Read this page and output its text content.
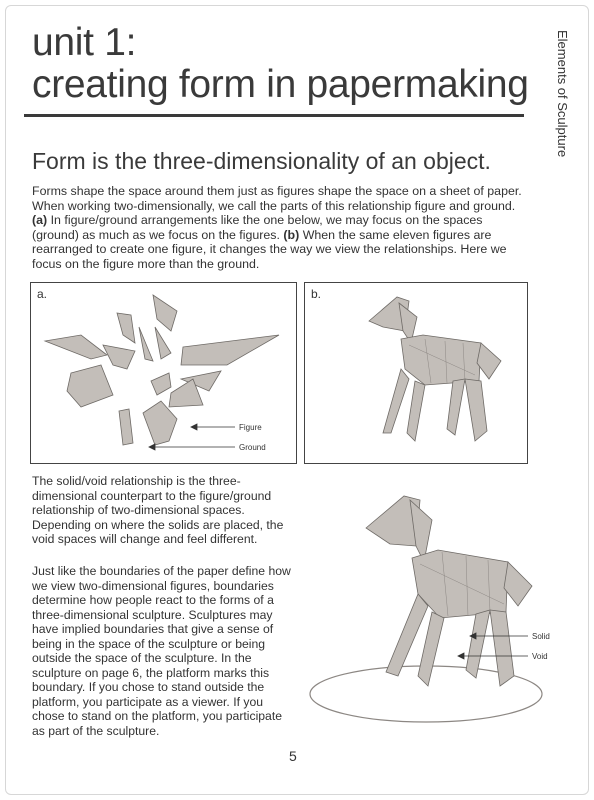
Elements of Sculpture
unit 1:
creating form in papermaking
Form is the three-dimensionality of an object.

Forms shape the space around them just as figures shape the space on a sheet of paper. When working two-dimensionally, we call the parts of this relationship figure and ground.
(a) In figure/ground arrangements like the one below, we may focus on the spaces (ground) as much as we focus on the figures. (b) When the same eleven figures are rearranged to create one figure, it changes the way we view the relationships. Here we focus on the figure more than the ground.

a.
Figure
Ground
b.

The solid/void relationship is the three-dimensional counterpart to the figure/ground relationship of two-dimensional spaces. Depending on where the solids are placed, the void spaces will change and feel different.

Just like the boundaries of the paper define how we view two-dimensional figures, boundaries determine how people react to the forms of a three-dimensional sculpture. Sculptures may have implied boundaries that give a sense of being in the space of the sculpture or being outside the space of the sculpture. In the sculpture on page 6, the platform marks this boundary. If you chose to stand outside the platform, you participate as a viewer. If you chose to stand on the platform, you participate as part of the sculpture.

Solid
Void
5
